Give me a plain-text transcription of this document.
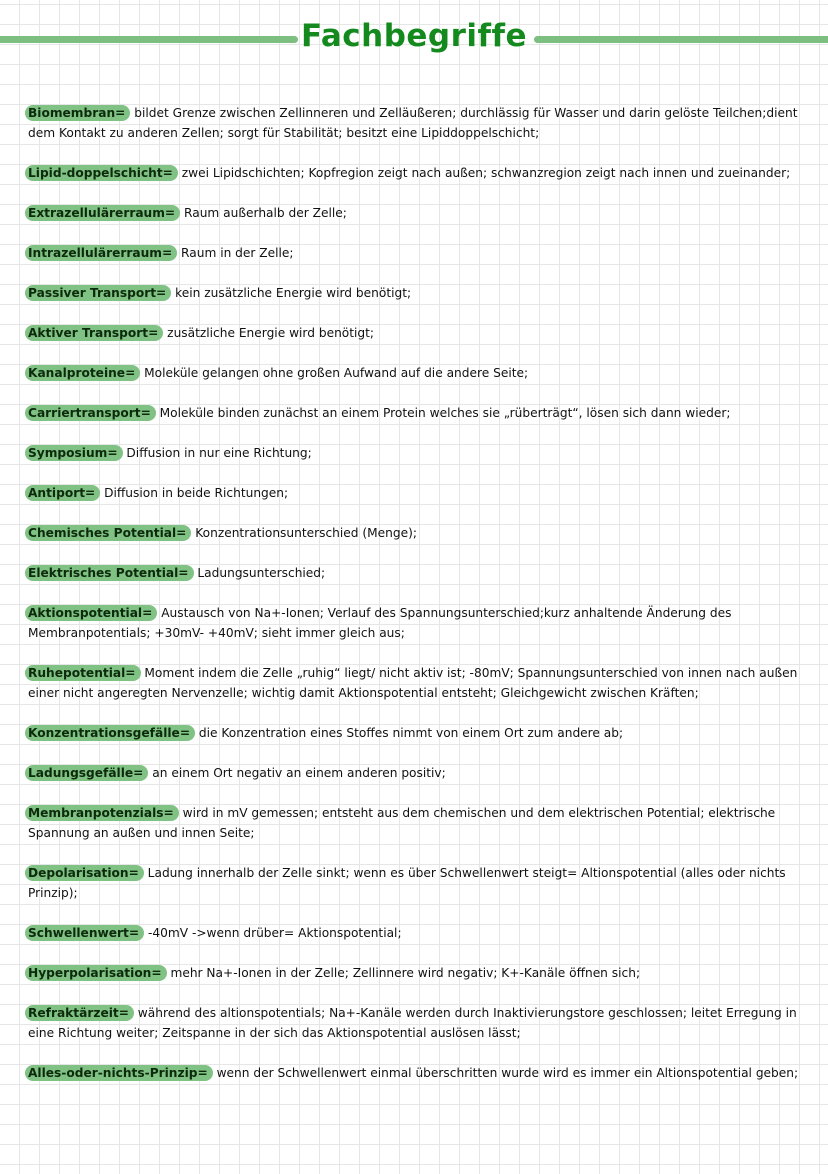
Fachbegriffe
Biomembran= bildet Grenze zwischen Zellinneren und Zelläußeren; durchlässig für Wasser und darin gelöste Teilchen;dient dem Kontakt zu anderen Zellen; sorgt für Stabilität; besitzt eine Lipiddoppelschicht;
Lipid-doppelschicht= zwei Lipidschichten; Kopfregion zeigt nach außen; schwanzregion zeigt nach innen und zueinander;
Extrazellulärerraum= Raum außerhalb der Zelle;
Intrazellulärerraum= Raum in der Zelle;
Passiver Transport= kein zusätzliche Energie wird benötigt;
Aktiver Transport= zusätzliche Energie wird benötigt;
Kanalproteine= Moleküle gelangen ohne großen Aufwand auf die andere Seite;
Carriertransport= Moleküle binden zunächst an einem Protein welches sie „rüberträgt“, lösen sich dann wieder;
Symposium= Diffusion in nur eine Richtung;
Antiport= Diffusion in beide Richtungen;
Chemisches Potential= Konzentrationsunterschied (Menge);
Elektrisches Potential= Ladungsunterschied;
Aktionspotential= Austausch von Na+-Ionen; Verlauf des Spannungsunterschied;kurz anhaltende Änderung des Membranpotentials; +30mV- +40mV; sieht immer gleich aus;
Ruhepotential= Moment indem die Zelle „ruhig“ liegt/ nicht aktiv ist; -80mV; Spannungsunterschied von innen nach außen einer nicht angeregten Nervenzelle; wichtig damit Aktionspotential entsteht; Gleichgewicht zwischen Kräften;
Konzentrationsgefälle= die Konzentration eines Stoffes nimmt von einem Ort zum andere ab;
Ladungsgefälle= an einem Ort negativ an einem anderen positiv;
Membranpotenzials= wird in mV gemessen; entsteht aus dem chemischen und dem elektrischen Potential; elektrische Spannung an außen und innen Seite;
Depolarisation= Ladung innerhalb der Zelle sinkt; wenn es über Schwellenwert steigt= Altionspotential (alles oder nichts Prinzip);
Schwellenwert= -40mV ->wenn drüber= Aktionspotential;
Hyperpolarisation= mehr Na+-Ionen in der Zelle; Zellinnere wird negativ; K+-Kanäle öffnen sich;
Refraktärzeit= während des altionspotentials; Na+-Kanäle werden durch Inaktivierungstore geschlossen; leitet Erregung in eine Richtung weiter; Zeitspanne in der sich das Aktionspotential auslösen lässt;
Alles-oder-nichts-Prinzip= wenn der Schwellenwert einmal überschritten wurde wird es immer ein Altionspotential geben;
